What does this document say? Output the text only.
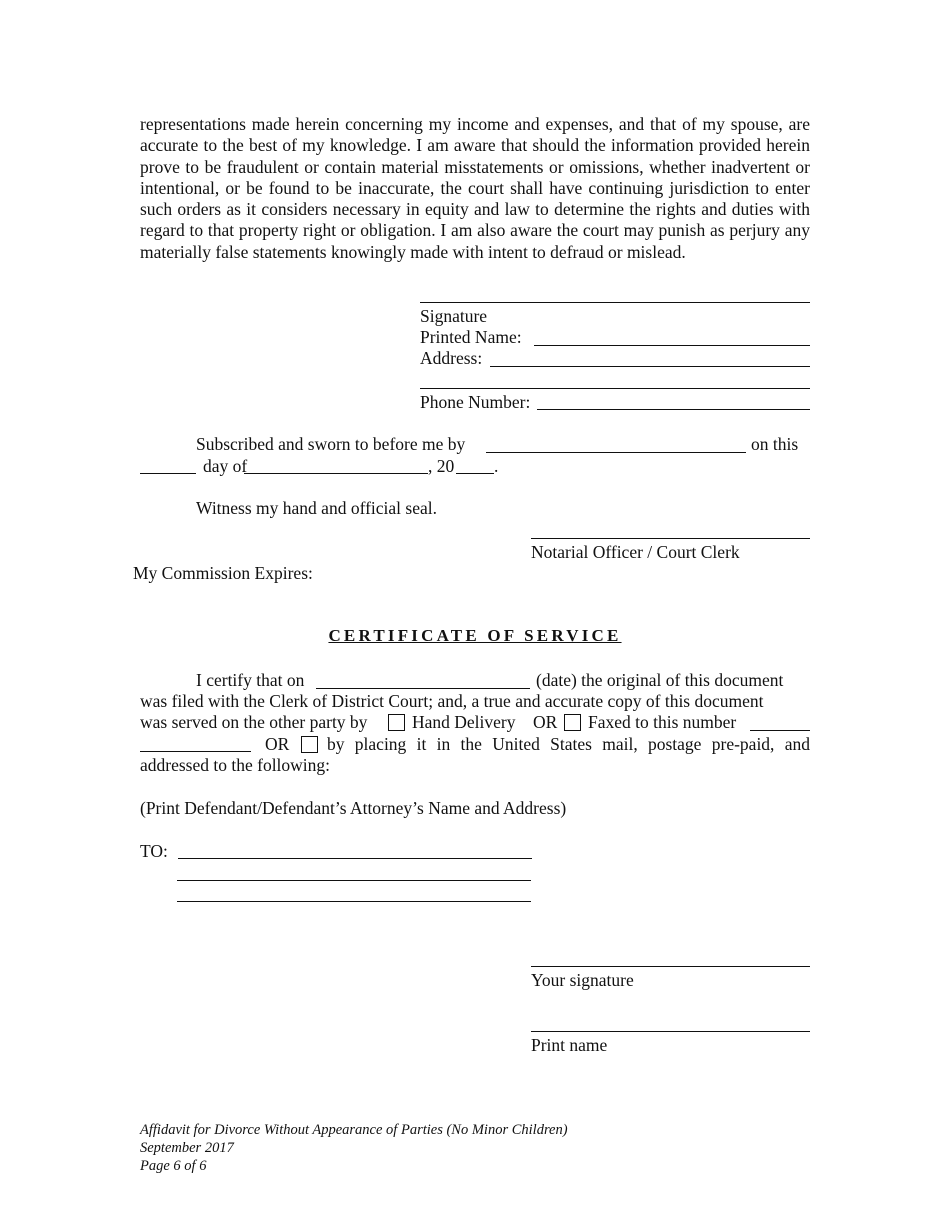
representations made herein concerning my income and expenses, and that of my spouse, are accurate to the best of my knowledge. I am aware that should the information provided herein prove to be fraudulent or contain material misstatements or omissions, whether inadvertent or intentional, or be found to be inaccurate, the court shall have continuing jurisdiction to enter such orders as it considers necessary in equity and law to determine the rights and duties with regard to that property right or obligation. I am also aware the court may punish as perjury any materially false statements knowingly made with intent to defraud or mislead.
Signature
Printed Name:
Address:
Phone Number:
Subscribed and sworn to before me by	on this
day of	, 20 .
Witness my hand and official seal.
Notarial Officer / Court Clerk
My Commission Expires:
CERTIFICATE OF SERVICE
I certify that on	(date) the original of this document
was filed with the Clerk of District Court; and, a true and accurate copy of this document
was served on the other party by	Hand Delivery OR Faxed to this number
OR by placing it in the United States mail, postage pre-paid, and
addressed to the following:
(Print Defendant/Defendant’s Attorney’s Name and Address)
TO:
Your signature
Print name
Affidavit for Divorce Without Appearance of Parties (No Minor Children)
September 2017
Page 6 of 6
